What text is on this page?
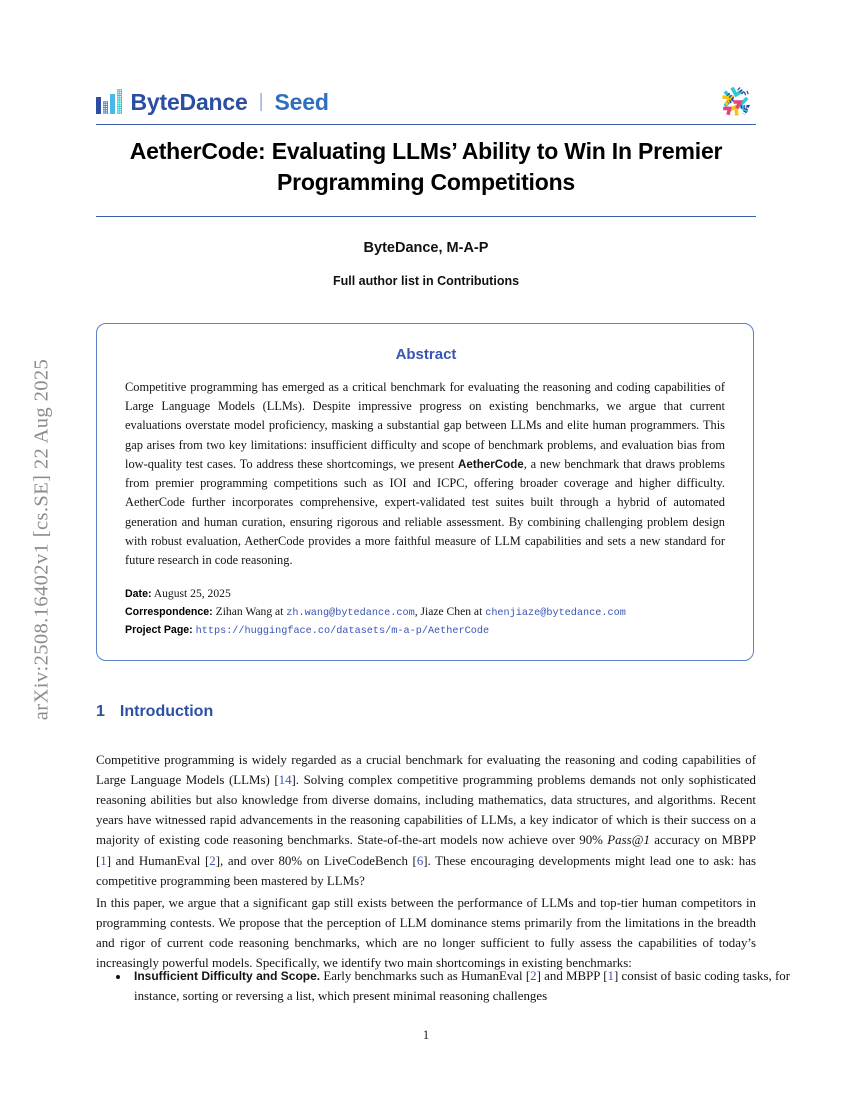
arXiv:2508.16402v1 [cs.SE] 22 Aug 2025
ByteDance | Seed
AetherCode: Evaluating LLMs’ Ability to Win In Premier Programming Competitions
ByteDance, M-A-P
Full author list in Contributions
Abstract
Competitive programming has emerged as a critical benchmark for evaluating the reasoning and coding capabilities of Large Language Models (LLMs). Despite impressive progress on existing benchmarks, we argue that current evaluations overstate model proficiency, masking a substantial gap between LLMs and elite human programmers. This gap arises from two key limitations: insufficient difficulty and scope of benchmark problems, and evaluation bias from low-quality test cases. To address these shortcomings, we present AetherCode, a new benchmark that draws problems from premier programming competitions such as IOI and ICPC, offering broader coverage and higher difficulty. AetherCode further incorporates comprehensive, expert-validated test suites built through a hybrid of automated generation and human curation, ensuring rigorous and reliable assessment. By combining challenging problem design with robust evaluation, AetherCode provides a more faithful measure of LLM capabilities and sets a new standard for future research in code reasoning.
Date: August 25, 2025
Correspondence: Zihan Wang at zh.wang@bytedance.com, Jiaze Chen at chenjiaze@bytedance.com
Project Page: https://huggingface.co/datasets/m-a-p/AetherCode
1 Introduction

Competitive programming is widely regarded as a crucial benchmark for evaluating the reasoning and coding capabilities of Large Language Models (LLMs) [14]. Solving complex competitive programming problems demands not only sophisticated reasoning abilities but also knowledge from diverse domains, including mathematics, data structures, and algorithms. Recent years have witnessed rapid advancements in the reasoning capabilities of LLMs, a key indicator of which is their success on a majority of existing code reasoning benchmarks. State-of-the-art models now achieve over 90% Pass@1 accuracy on MBPP [1] and HumanEval [2], and over 80% on LiveCodeBench [6]. These encouraging developments might lead one to ask: has competitive programming been mastered by LLMs?

In this paper, we argue that a significant gap still exists between the performance of LLMs and top-tier human competitors in programming contests. We propose that the perception of LLM dominance stems primarily from the limitations in the breadth and rigor of current code reasoning benchmarks, which are no longer sufficient to fully assess the capabilities of today’s increasingly powerful models. Specifically, we identify two main shortcomings in existing benchmarks:

• Insufficient Difficulty and Scope. Early benchmarks such as HumanEval [2] and MBPP [1] consist of basic coding tasks, for instance, sorting or reversing a list, which present minimal reasoning challenges
1
